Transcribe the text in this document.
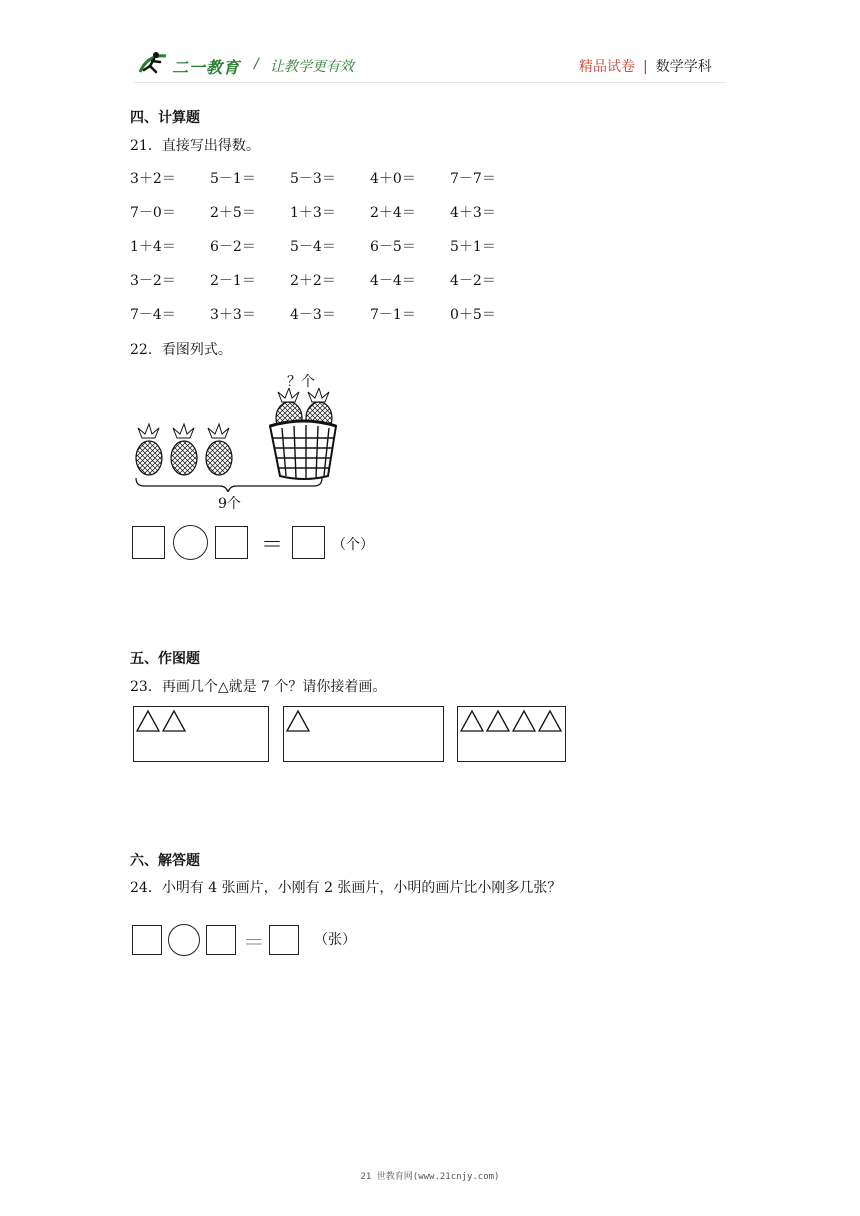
二一教育 / 让教学更有效	精品试卷 | 数学学科
四、计算题
21．直接写出得数。
3＋2＝	5－1＝	5－3＝	4＋0＝	7－7＝
7－0＝	2＋5＝	1＋3＝	2＋4＝	4＋3＝
1＋4＝	6－2＝	5－4＝	6－5＝	5＋1＝
3－2＝	2－1＝	2＋2＝	4－4＝	4－2＝
7－4＝	3＋3＝	4－3＝	7－1＝	0＋5＝
22．看图列式。
？个
9个
＝	（个）
五、作图题
23．再画几个△就是 7 个？请你接着画。
六、解答题
24．小明有 4 张画片，小刚有 2 张画片，小明的画片比小刚多几张？
＝	（张）
21 世教育网(www.21cnjy.com)
